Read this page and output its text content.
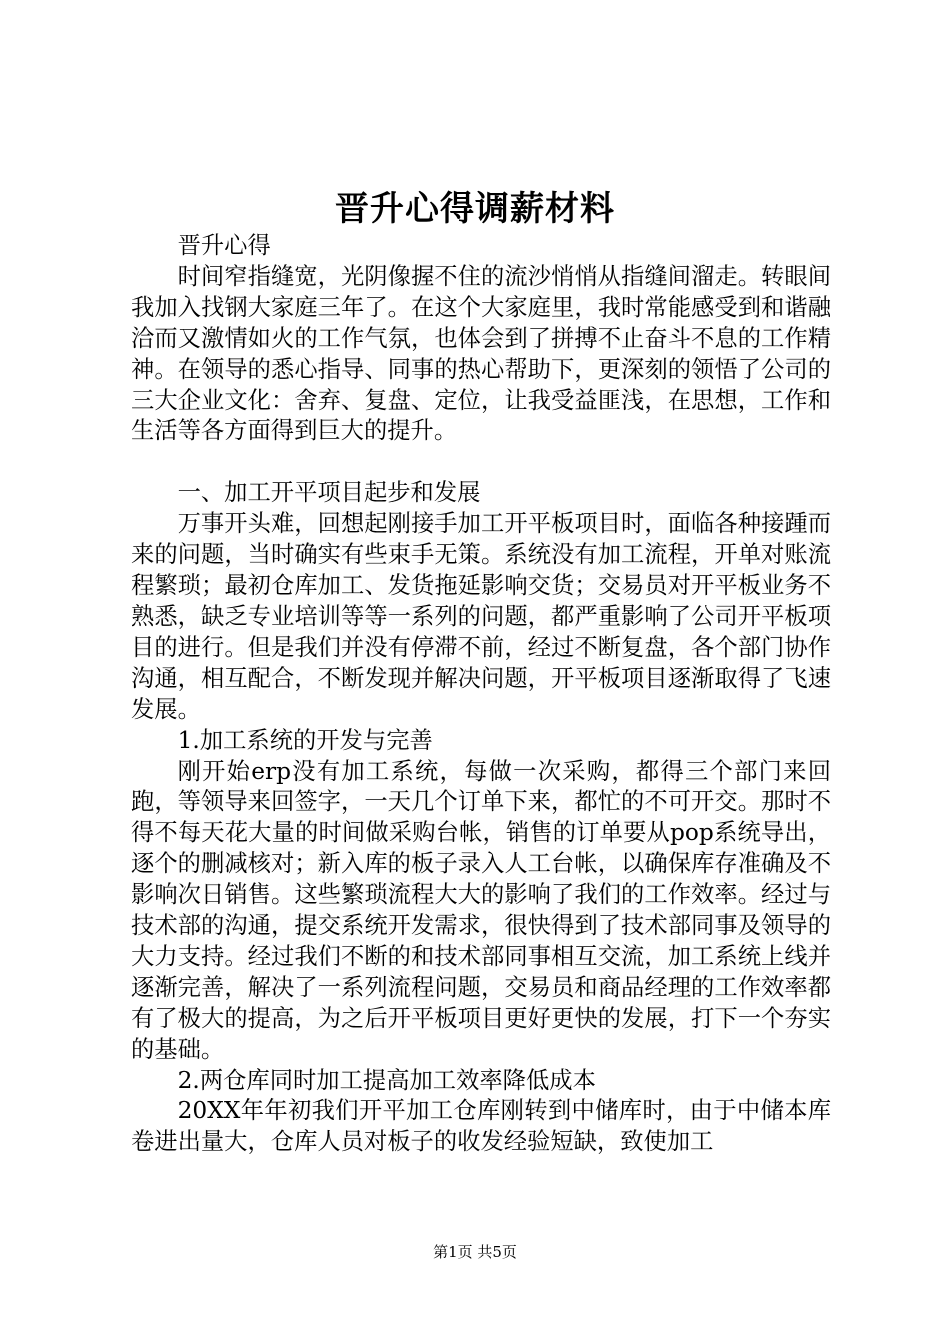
晋升心得调薪材料

晋升心得

时间窄指缝宽，光阴像握不住的流沙悄悄从指缝间溜走。转眼间我加入找钢大家庭三年了。在这个大家庭里，我时常能感受到和谐融洽而又激情如火的工作气氛，也体会到了拼搏不止奋斗不息的工作精神。在领导的悉心指导、同事的热心帮助下，更深刻的领悟了公司的三大企业文化：舍弃、复盘、定位，让我受益匪浅，在思想，工作和生活等各方面得到巨大的提升。

一、加工开平项目起步和发展

万事开头难，回想起刚接手加工开平板项目时，面临各种接踵而来的问题，当时确实有些束手无策。系统没有加工流程，开单对账流程繁琐；最初仓库加工、发货拖延影响交货；交易员对开平板业务不熟悉，缺乏专业培训等等一系列的问题，都严重影响了公司开平板项目的进行。但是我们并没有停滞不前，经过不断复盘，各个部门协作沟通，相互配合，不断发现并解决问题，开平板项目逐渐取得了飞速发展。

1.加工系统的开发与完善

刚开始erp没有加工系统，每做一次采购，都得三个部门来回跑，等领导来回签字，一天几个订单下来，都忙的不可开交。那时不得不每天花大量的时间做采购台帐，销售的订单要从pop系统导出，逐个的删减核对；新入库的板子录入人工台帐，以确保库存准确及不影响次日销售。这些繁琐流程大大的影响了我们的工作效率。经过与技术部的沟通，提交系统开发需求，很快得到了技术部同事及领导的大力支持。经过我们不断的和技术部同事相互交流，加工系统上线并逐渐完善，解决了一系列流程问题，交易员和商品经理的工作效率都有了极大的提高，为之后开平板项目更好更快的发展，打下一个夯实的基础。

2.两仓库同时加工提高加工效率降低成本

20XX年年初我们开平加工仓库刚转到中储库时，由于中储本库卷进出量大，仓库人员对板子的收发经验短缺，致使加工

第1页 共5页
